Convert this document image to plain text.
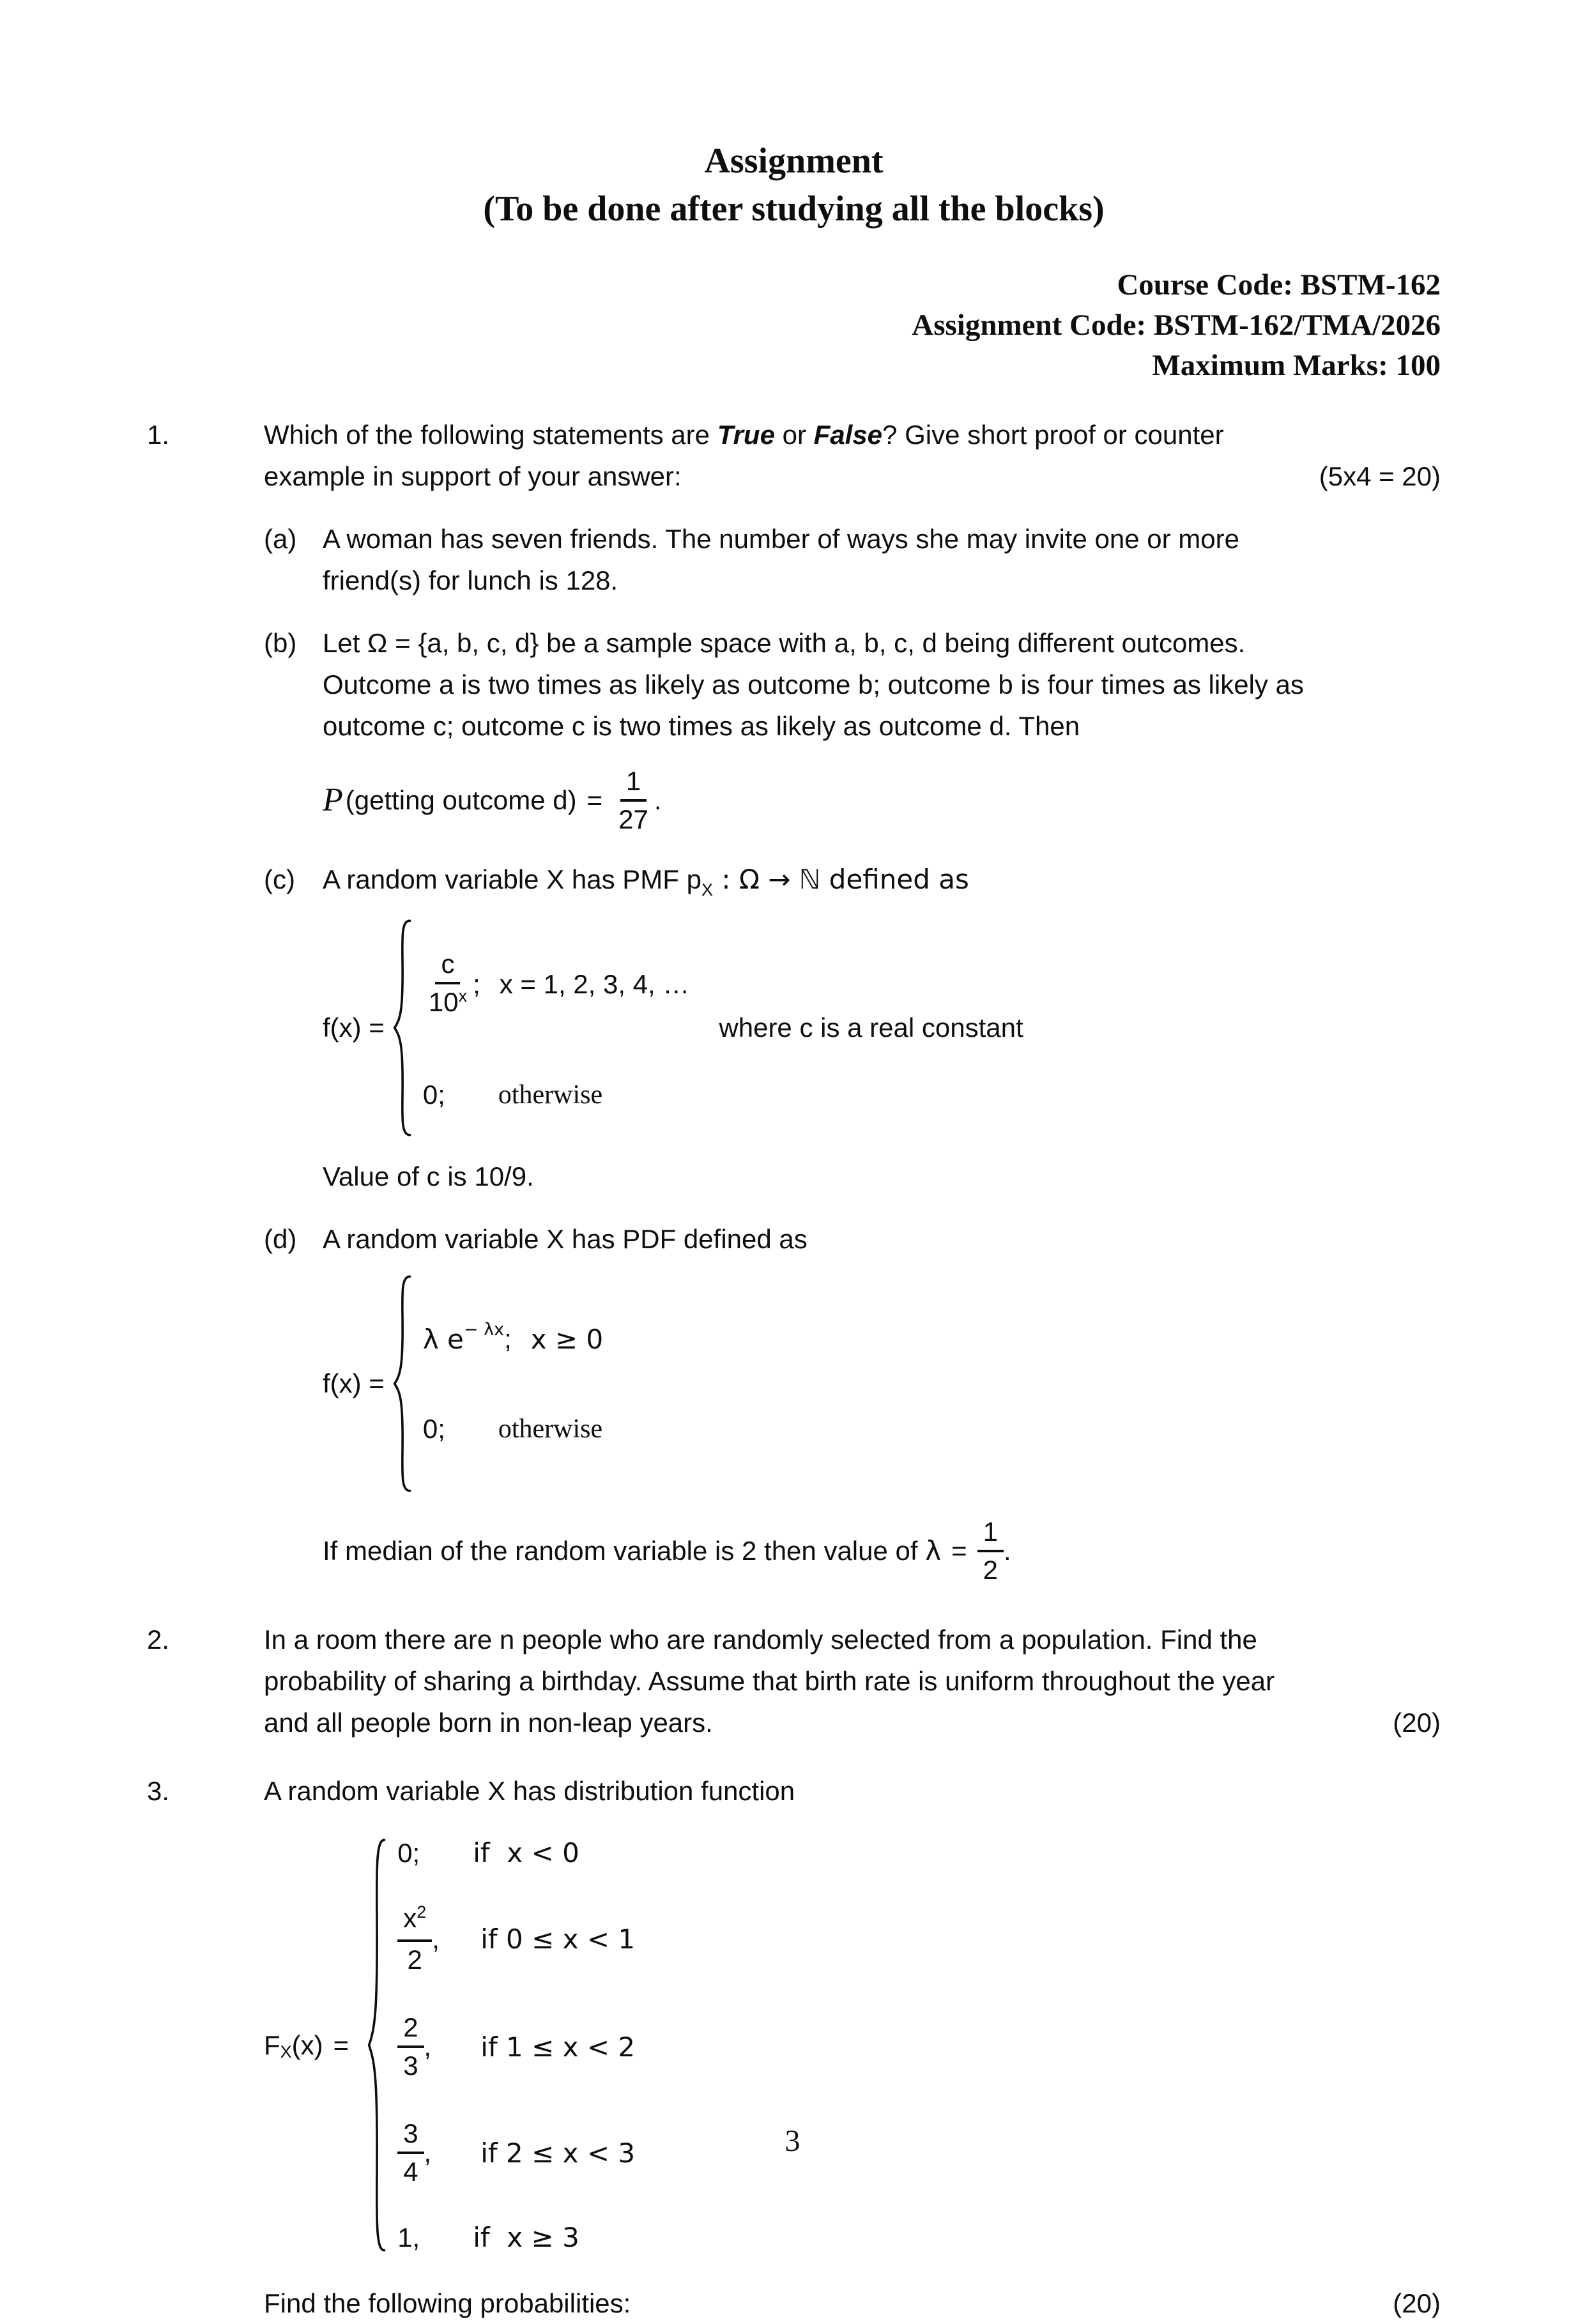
Assignment
(To be done after studying all the blocks)
Course Code: BSTM-162
Assignment Code: BSTM-162/TMA/2026
Maximum Marks: 100
1.	Which of the following statements are True or False? Give short proof or counter
example in support of your answer:	(5x4 = 20)
(a) A woman has seven friends. The number of ways she may invite one or more
friend(s) for lunch is 128.
(b) Let Ω = {a, b, c, d} be a sample space with a, b, c, d being different outcomes.
Outcome a is two times as likely as outcome b; outcome b is four times as likely as
outcome c; outcome c is two times as likely as outcome d. Then
P (getting outcome $d) = \frac{1}{27}$ .
(c)	A random variable X has PMF $p_X$ : Ω → ℕ defined as
f(x) =
$\frac{c}{10^x}$ ; x = 1, 2, 3, 4, …
0;	otherwise
where c is a real constant
Value of c is 10/9.
(d) A random variable X has PDF defined as
f(x) =
λ e − λx ; x ≥ 0
0;	otherwise
If median of the random variable is 2 then value of $\lambda = \frac{1}{2}$ .
2.	In a room there are n people who are randomly selected from a population. Find the
probability of sharing a birthday. Assume that birth rate is uniform throughout the year
and all people born in non-leap years.	(20)
3.	A random variable X has distribution function
F X (x) =
0;	if  x < 0
$\frac{x^2}{2}$ , if 0 ≤ x < 1
$\frac{2}{3}$ , if 1 ≤ x < 2
$\frac{3}{4}$ , if 2 ≤ x < 3
1,	if  x ≥ 3
Find the following probabilities:	(20)
3
